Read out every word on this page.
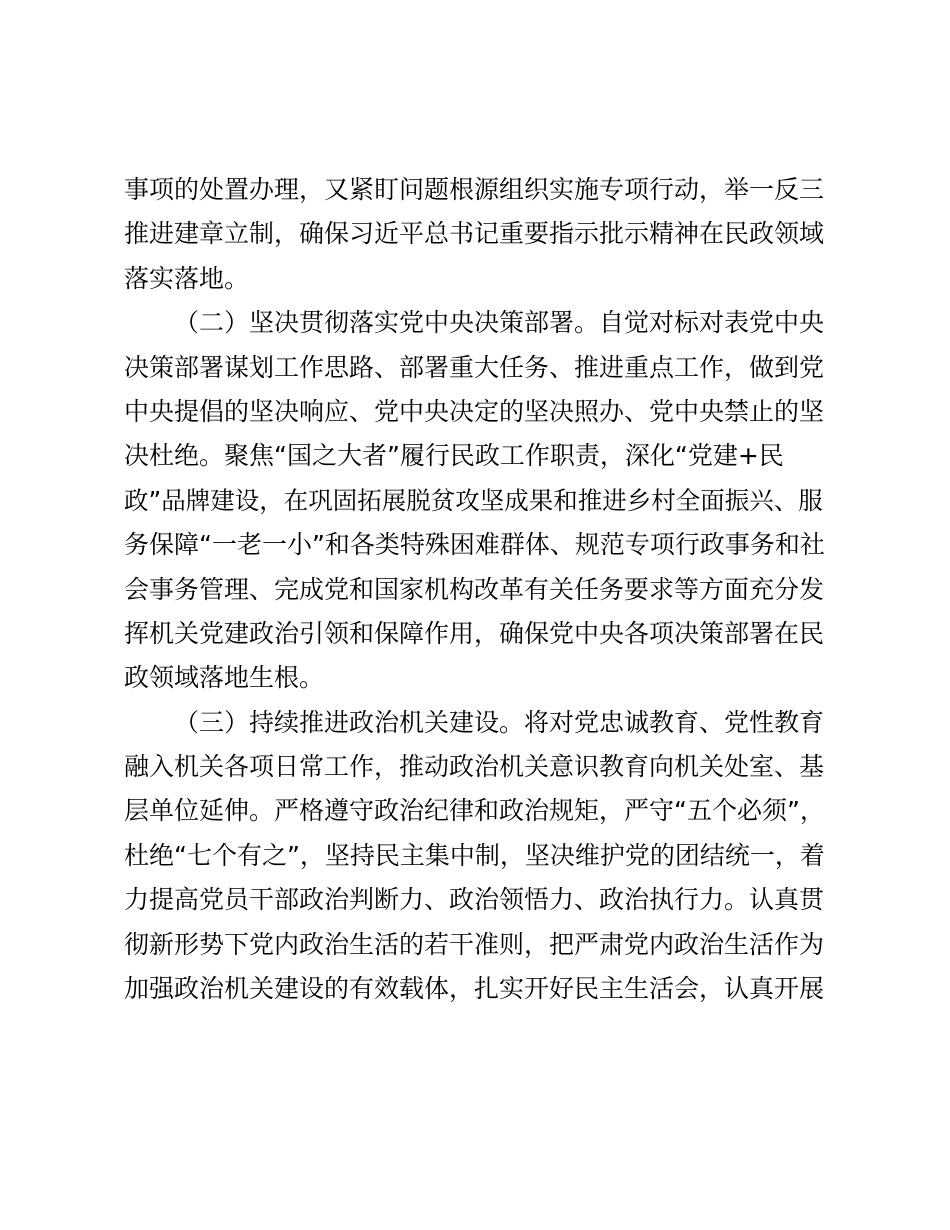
事项的处置办理，又紧盯问题根源组织实施专项行动，举一反三
推进建章立制，确保习近平总书记重要指示批示精神在民政领域
落实落地。
（二）坚决贯彻落实党中央决策部署。自觉对标对表党中央
决策部署谋划工作思路、部署重大任务、推进重点工作，做到党
中央提倡的坚决响应、党中央决定的坚决照办、党中央禁止的坚
决杜绝。聚焦“国之大者”履行民政工作职责，深化“党建+民
政”品牌建设，在巩固拓展脱贫攻坚成果和推进乡村全面振兴、服
务保障“一老一小”和各类特殊困难群体、规范专项行政事务和社
会事务管理、完成党和国家机构改革有关任务要求等方面充分发
挥机关党建政治引领和保障作用，确保党中央各项决策部署在民
政领域落地生根。
（三）持续推进政治机关建设。将对党忠诚教育、党性教育
融入机关各项日常工作，推动政治机关意识教育向机关处室、基
层单位延伸。严格遵守政治纪律和政治规矩，严守“五个必须”，
杜绝“七个有之”，坚持民主集中制，坚决维护党的团结统一，着
力提高党员干部政治判断力、政治领悟力、政治执行力。认真贯
彻新形势下党内政治生活的若干准则，把严肃党内政治生活作为
加强政治机关建设的有效载体，扎实开好民主生活会，认真开展
